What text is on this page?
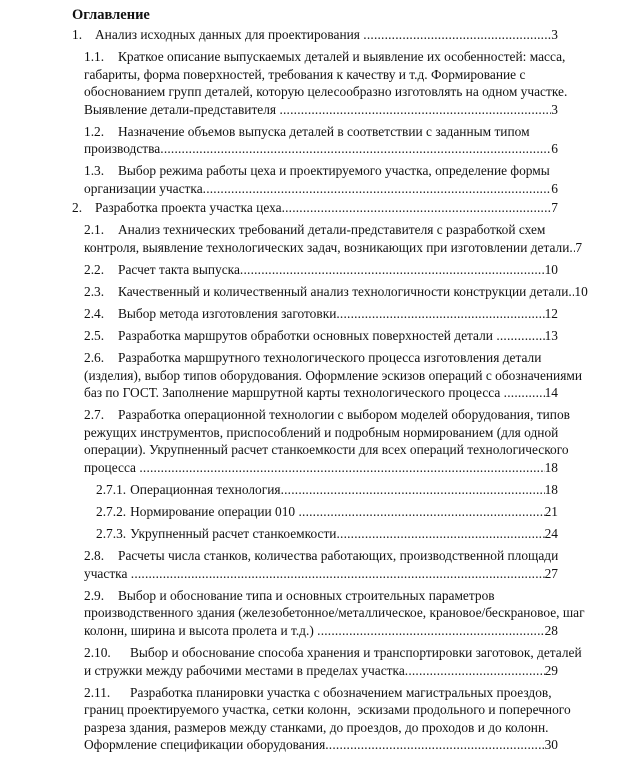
Оглавление
1. Анализ исходных данных для проектирования .....	3
1.1.	Краткое описание выпускаемых деталей и выявление их особенностей: масса,
габариты, форма поверхностей, требования к качеству и т.д. Формирование с
обоснованием групп деталей, которую целесообразно изготовлять на одном участке.
Выявление детали-представителя .....	3
1.2.	Назначение объемов выпуска деталей в соответствии с заданным типом
производства .....	6
1.3.	Выбор режима работы цеха и проектируемого участка, определение формы
организации участка .....	6
2. Разработка проекта участка цеха .....	7
2.1.	Анализ технических требований детали-представителя с разработкой схем
контроля, выявление технологических задач, возникающих при изготовлении детали ..... 7
2.2.	Расчет такта выпуска .....	10
2.3.	Качественный и количественный анализ технологичности конструкции детали ..... 10
2.4.	Выбор метода изготовления заготовки .....	12
2.5.	Разработка маршрутов обработки основных поверхностей детали .....	13
2.6.	Разработка маршрутного технологического процесса изготовления детали
(изделия), выбор типов оборудования. Оформление эскизов операций с обозначениями
баз по ГОСТ. Заполнение маршрутной карты технологического процесса .....	14
2.7.	Разработка операционной технологии с выбором моделей оборудования, типов
режущих инструментов, приспособлений и подробным нормированием (для одной
операции). Укрупненный расчет станкоемкости для всех операций технологического
процесса .....	18
2.7.1. Операционная технология .....	18
2.7.2. Нормирование операции 010 .....	21
2.7.3. Укрупненный расчет станкоемкости .....	24
2.8.	Расчеты числа станков, количества работающих, производственной площади
участка .....	27
2.9.	Выбор и обоснование типа и основных строительных параметров
производственного здания (железобетонное/металлическое, крановое/бескрановое, шаг
колонн, ширина и высота пролета и т.д.) .....	28
2.10.	Выбор и обоснование способа хранения и транспортировки заготовок, деталей
и стружки между рабочими местами в пределах участка .....	29
2.11.	Разработка планировки участка с обозначением магистральных проездов,
границ проектируемого участка, сетки колонн,  эскизами продольного и поперечного
разреза здания, размеров между станками, до проездов, до проходов и до колонн.
Оформление спецификации оборудования .....	30
